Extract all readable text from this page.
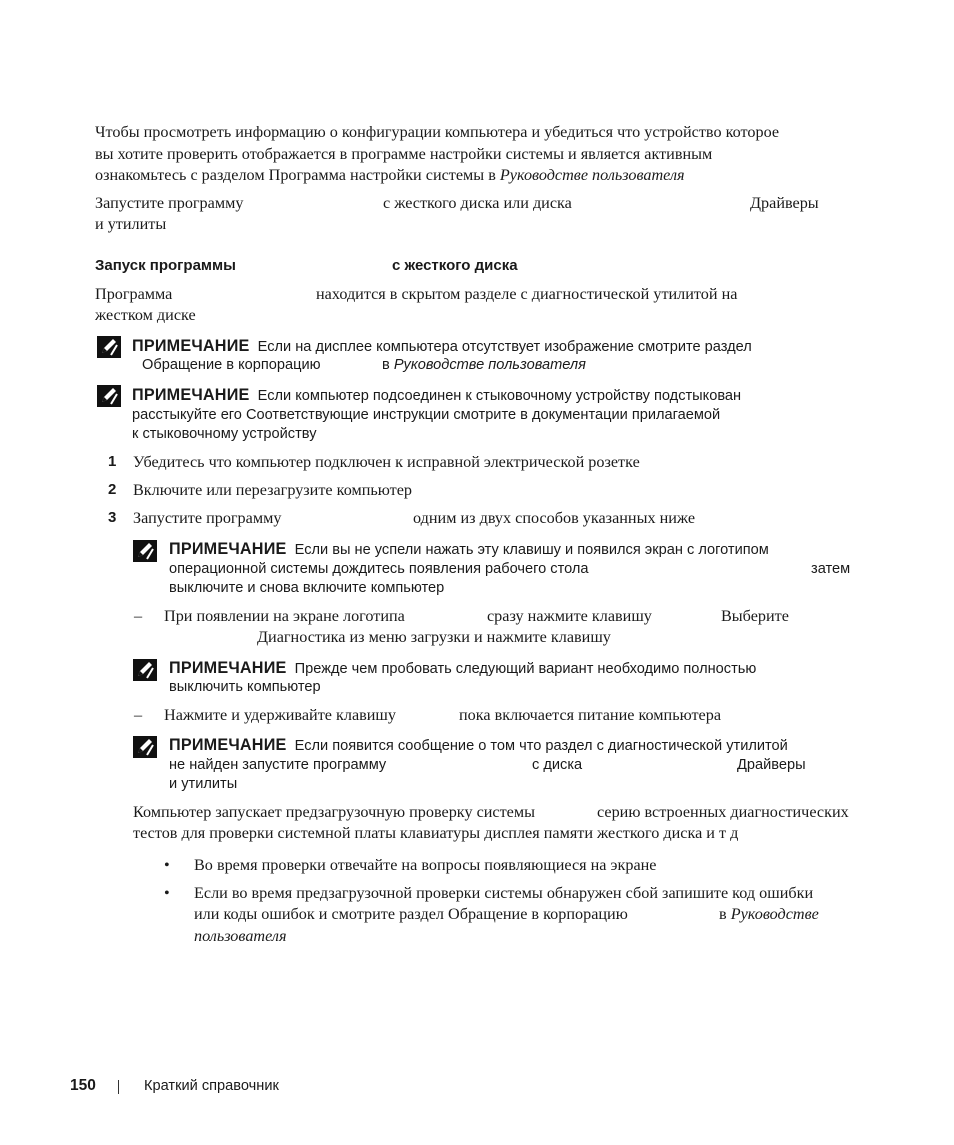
Чтобы просмотреть информацию о конфигурации компьютера и убедиться что устройство которое
вы хотите проверить отображается в программе настройки системы и является активным
ознакомьтесь с разделом Программа настройки системы в Руководстве пользователя
Запустите программу	с жесткого диска или диска	Драйверы
и утилиты
Запуск программы	с жесткого диска
Программа	находится в скрытом разделе с диагностической утилитой на
жестком диске
ПРИМЕЧАНИЕ Если на дисплее компьютера отсутствует изображение смотрите раздел
Обращение в корпорацию	в Руководстве пользователя
ПРИМЕЧАНИЕ Если компьютер подсоединен к стыковочному устройству подстыкован
расстыкуйте его Соответствующие инструкции смотрите в документации прилагаемой
к стыковочному устройству
1 Убедитесь что компьютер подключен к исправной электрической розетке
2 Включите или перезагрузите компьютер
3 Запустите программу	одним из двух способов указанных ниже
ПРИМЕЧАНИЕ Если вы не успели нажать эту клавишу и появился экран с логотипом
операционной системы дождитесь появления рабочего стола	затем
выключите и снова включите компьютер
– При появлении на экране логотипа	сразу нажмите клавишу	Выберите
Диагностика из меню загрузки и нажмите клавишу
ПРИМЕЧАНИЕ Прежде чем пробовать следующий вариант необходимо полностью
выключить компьютер
– Нажмите и удерживайте клавишу	пока включается питание компьютера
ПРИМЕЧАНИЕ Если появится сообщение о том что раздел с диагностической утилитой
не найден запустите программу	с диска	Драйверы
и утилиты
Компьютер запускает предзагрузочную проверку системы	серию встроенных диагностических
тестов для проверки системной платы клавиатуры дисплея памяти жесткого диска и т д
• Во время проверки отвечайте на вопросы появляющиеся на экране
• Если во время предзагрузочной проверки системы обнаружен сбой запишите код ошибки
или коды ошибок и смотрите раздел Обращение в корпорацию	в Руководстве
пользователя
150	Краткий справочник
